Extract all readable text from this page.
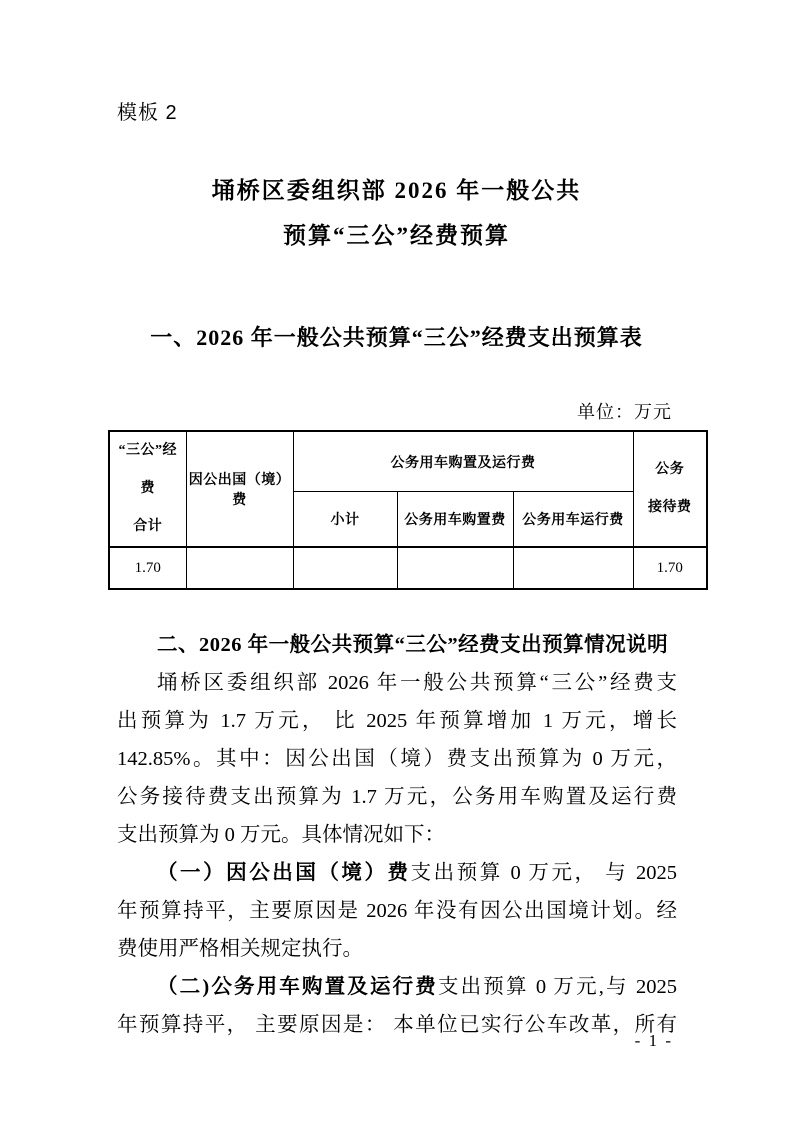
模板 2
埇桥区委组织部 2026 年一般公共
预算“三公”经费预算
一、2026 年一般公共预算“三公”经费支出预算表
单位：万元
“三公”经费
合计
	因公出国（境）费	公务用车购置及运行费	公务
接待费

		小计	公务用车购置费	公务用车运行费	
1.70					1.70
二、2026 年一般公共预算“三公”经费支出预算情况说明
埇桥区委组织部 2026 年一般公共预算“三公”经费支
出预算为 1.7 万元， 比 2025 年预算增加 1 万元，增长
142.85%。其中：因公出国（境）费支出预算为 0 万元，
公务接待费支出预算为 1.7 万元，公务用车购置及运行费
支出预算为 0 万元。具体情况如下：
（一）因公出国（境）费支出预算 0 万元， 与 2025
年预算持平，主要原因是 2026 年没有因公出国境计划。经
费使用严格相关规定执行。
（二)公务用车购置及运行费支出预算 0 万元,与 2025
年预算持平， 主要原因是： 本单位已实行公车改革，所有
- 1 -
